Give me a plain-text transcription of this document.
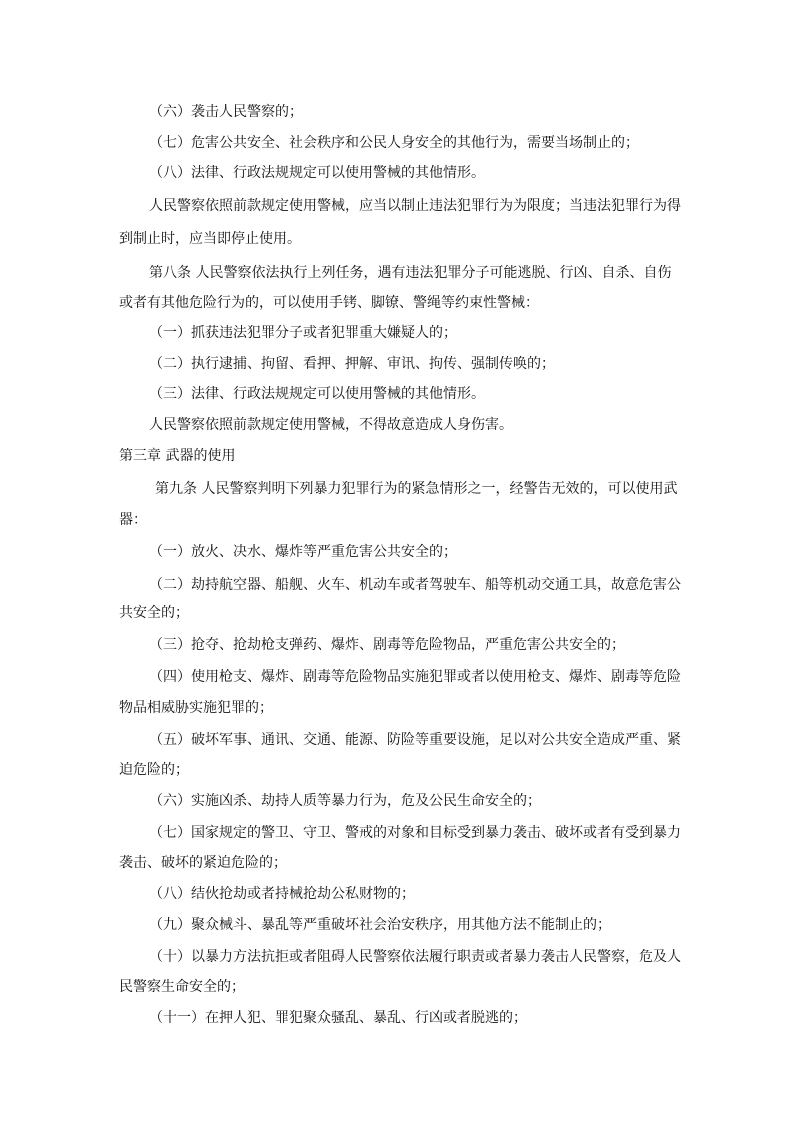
（六）袭击人民警察的；
（七）危害公共安全、社会秩序和公民人身安全的其他行为，需要当场制止的；
（八）法律、行政法规规定可以使用警械的其他情形。
人民警察依照前款规定使用警械，应当以制止违法犯罪行为为限度；当违法犯罪行为得
到制止时，应当即停止使用。
第八条 人民警察依法执行上列任务，遇有违法犯罪分子可能逃脱、行凶、自杀、自伤
或者有其他危险行为的，可以使用手铐、脚镣、警绳等约束性警械：
（一）抓获违法犯罪分子或者犯罪重大嫌疑人的；
（二）执行逮捕、拘留、看押、押解、审讯、拘传、强制传唤的；
（三）法律、行政法规规定可以使用警械的其他情形。
人民警察依照前款规定使用警械，不得故意造成人身伤害。
第三章 武器的使用
第九条 人民警察判明下列暴力犯罪行为的紧急情形之一，经警告无效的，可以使用武
器：
（一）放火、决水、爆炸等严重危害公共安全的；
（二）劫持航空器、船舰、火车、机动车或者驾驶车、船等机动交通工具，故意危害公
共安全的；
（三）抢夺、抢劫枪支弹药、爆炸、剧毒等危险物品，严重危害公共安全的；
（四）使用枪支、爆炸、剧毒等危险物品实施犯罪或者以使用枪支、爆炸、剧毒等危险
物品相威胁实施犯罪的；
（五）破坏军事、通讯、交通、能源、防险等重要设施，足以对公共安全造成严重、紧
迫危险的；
（六）实施凶杀、劫持人质等暴力行为，危及公民生命安全的；
（七）国家规定的警卫、守卫、警戒的对象和目标受到暴力袭击、破坏或者有受到暴力
袭击、破坏的紧迫危险的；
（八）结伙抢劫或者持械抢劫公私财物的；
（九）聚众械斗、暴乱等严重破坏社会治安秩序，用其他方法不能制止的；
（十）以暴力方法抗拒或者阻碍人民警察依法履行职责或者暴力袭击人民警察，危及人
民警察生命安全的；
（十一）在押人犯、罪犯聚众骚乱、暴乱、行凶或者脱逃的；
